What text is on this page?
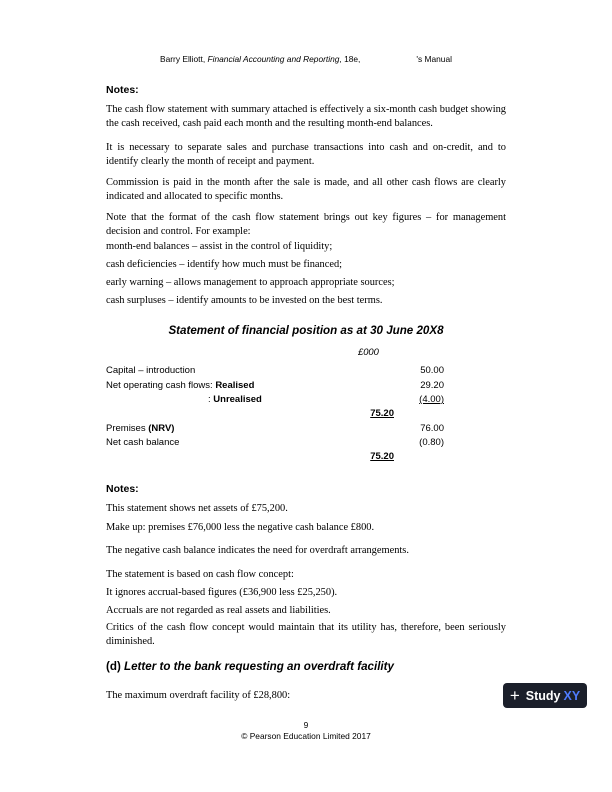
Barry Elliott, Financial Accounting and Reporting, 18e,	's Manual
Notes:

The cash flow statement with summary attached is effectively a six-month cash budget showing the cash received, cash paid each month and the resulting month-end balances.

It is necessary to separate sales and purchase transactions into cash and on-credit, and to identify clearly the month of receipt and payment.

Commission is paid in the month after the sale is made, and all other cash flows are clearly indicated and allocated to specific months.

Note that the format of the cash flow statement brings out key figures – for management decision and control. For example:

month-end balances – assist in the control of liquidity;

cash deficiencies – identify how much must be financed;

early warning – allows management to approach appropriate sources;

cash surpluses – identify amounts to be invested on the best terms.

Statement of financial position as at 30 June 20X8
£000
Capital – introduction	50.00
Net operating cash flows: Realised	29.20
: Unrealised	(4.00)
75.20
Premises (NRV)	76.00
Net cash balance	(0.80)
75.20
Notes:

This statement shows net assets of £75,200.

Make up: premises £76,000 less the negative cash balance £800.

The negative cash balance indicates the need for overdraft arrangements.

The statement is based on cash flow concept:

It ignores accrual-based figures (£36,900 less £25,250).

Accruals are not regarded as real assets and liabilities.

Critics of the cash flow concept would maintain that its utility has, therefore, been seriously diminished.

(d) Letter to the bank requesting an overdraft facility

The maximum overdraft facility of £28,800:	+ Study XY
9
© Pearson Education Limited 2017
